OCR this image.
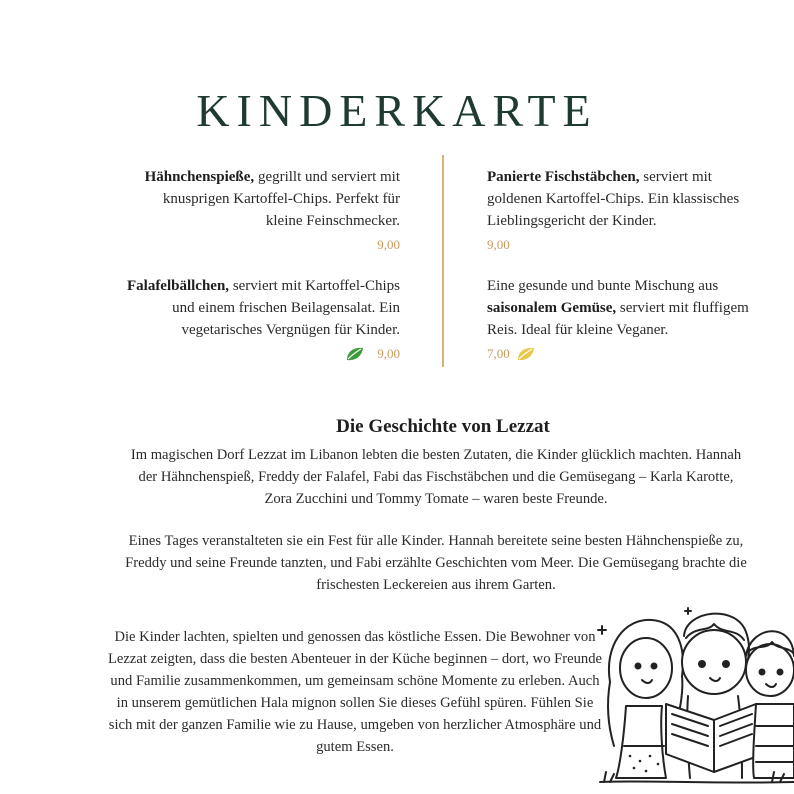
KINDERKARTE
Hähnchenspieße, gegrillt und serviert mit knusprigen Kartoffel-Chips. Perfekt für kleine Feinschmecker.
9,00
Panierte Fischstäbchen, serviert mit goldenen Kartoffel-Chips. Ein klassisches Lieblingsgericht der Kinder.
9,00
Falafelbällchen, serviert mit Kartoffel-Chips und einem frischen Beilagensalat. Ein vegetarisches Vergnügen für Kinder.
9,00
Eine gesunde und bunte Mischung aus saisonalem Gemüse, serviert mit fluffigem Reis. Ideal für kleine Veganer.
7,00
Die Geschichte von Lezzat

Im magischen Dorf Lezzat im Libanon lebten die besten Zutaten, die Kinder glücklich machten. Hannah der Hähnchenspieß, Freddy der Falafel, Fabi das Fischstäbchen und die Gemüsegang – Karla Karotte, Zora Zucchini und Tommy Tomate – waren beste Freunde.

Eines Tages veranstalteten sie ein Fest für alle Kinder. Hannah bereitete seine besten Hähnchenspieße zu, Freddy und seine Freunde tanzten, und Fabi erzählte Geschichten vom Meer. Die Gemüsegang brachte die frischesten Leckereien aus ihrem Garten.

Die Kinder lachten, spielten und genossen das köstliche Essen. Die Bewohner von Lezzat zeigten, dass die besten Abenteuer in der Küche beginnen – dort, wo Freunde und Familie zusammenkommen, um gemeinsam schöne Momente zu erleben. Auch in unserem gemütlichen Hala mignon sollen Sie dieses Gefühl spüren. Fühlen Sie sich mit der ganzen Familie wie zu Hause, umgeben von herzlicher Atmosphäre und gutem Essen.
